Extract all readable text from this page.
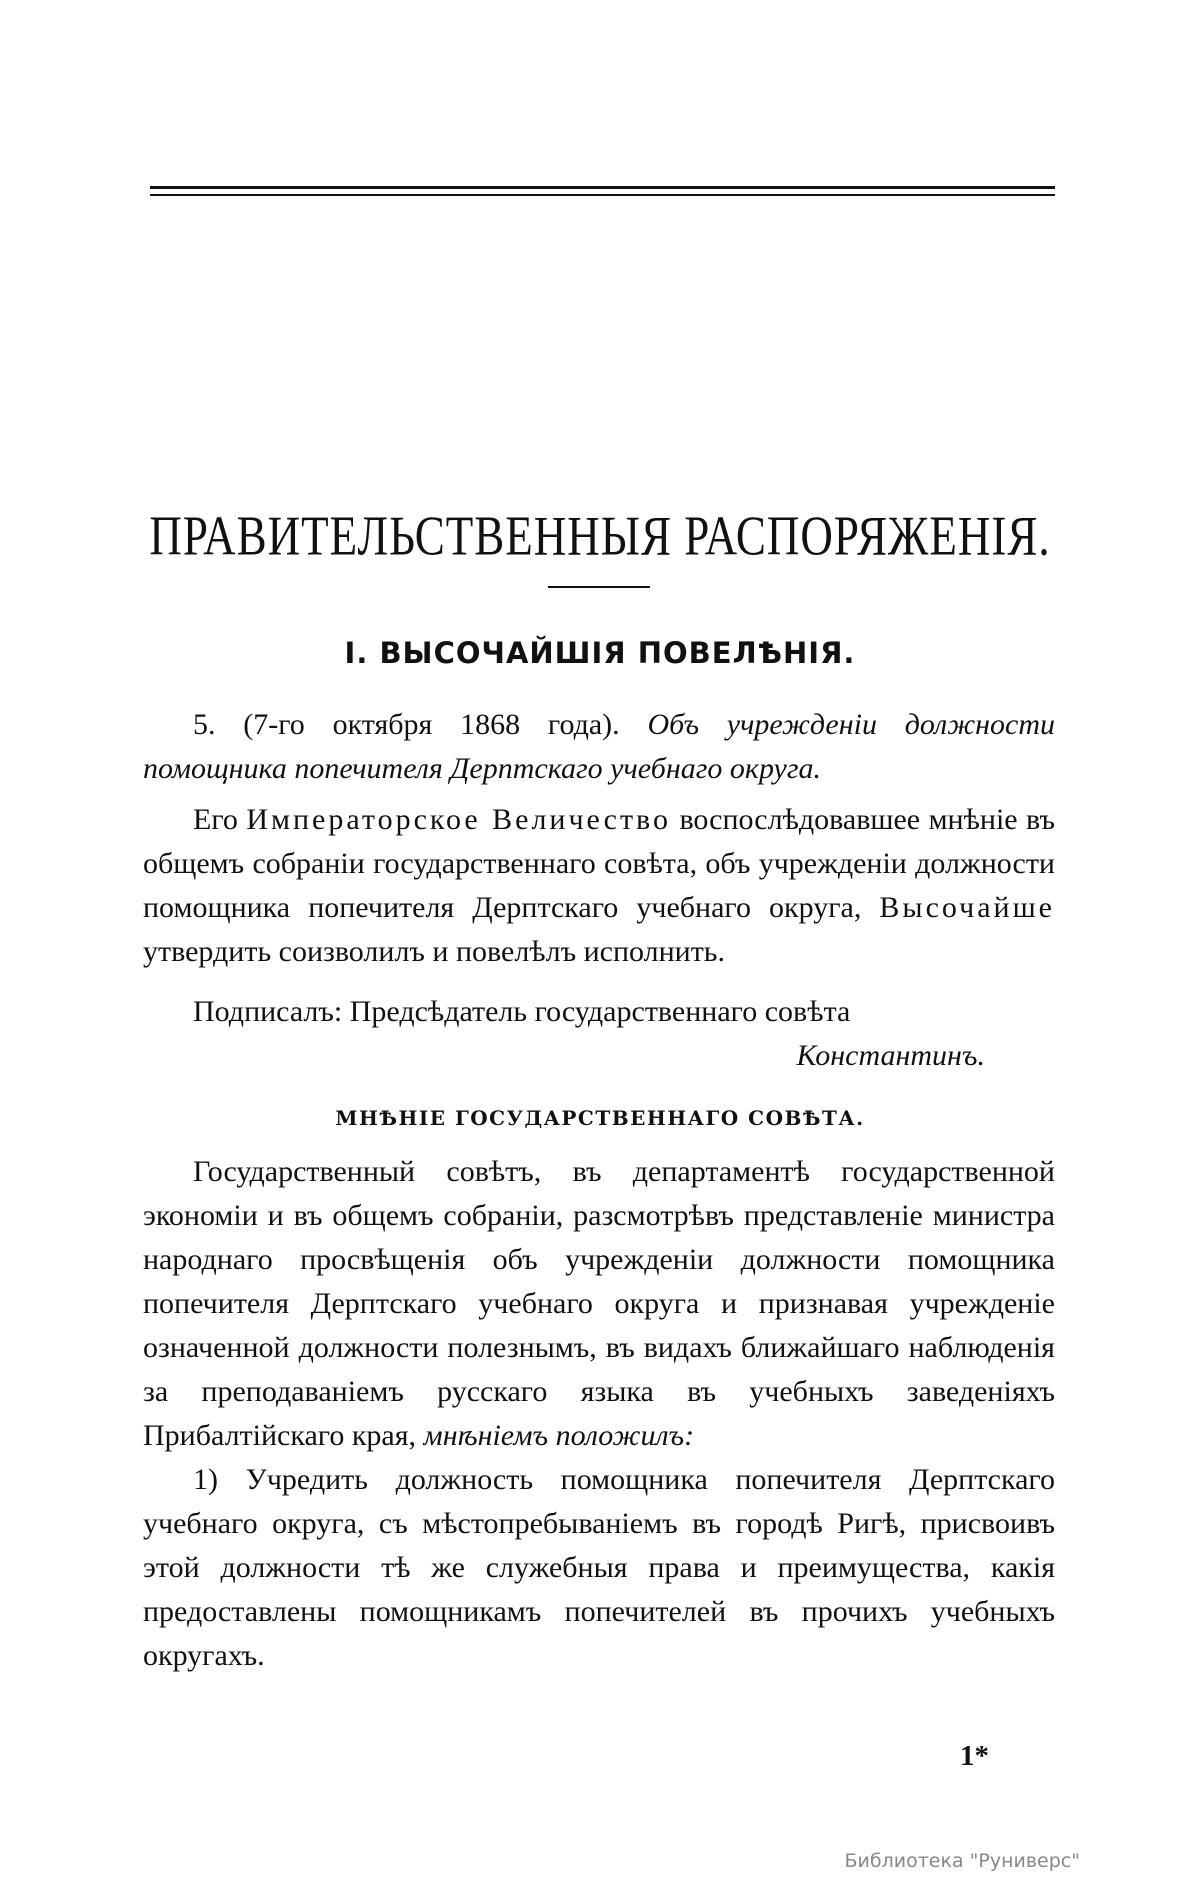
ПРАВИТЕЛЬСТВЕННЫЯ РАСПОРЯЖЕНІЯ.
I. ВЫСОЧАЙШІЯ ПОВЕЛѢНІЯ.

5. (7-го октября 1868 года). Объ учрежденіи должности помощника попечителя Дерптскаго учебнаго округа.

Его Императорское Величество воспослѣдовавшее мнѣніе въ общемъ собраніи государственнаго совѣта, объ учрежденіи должности помощника попечителя Дерптскаго учебнаго округа, Высочайше утвердить соизволилъ и повелѣлъ исполнить.

Подписалъ: Предсѣдатель государственнаго совѣта
Константинъ.
МНѢНІЕ ГОСУДАРСТВЕННАГО СОВѢТА.

Государственный совѣтъ, въ департаментѣ государственной экономіи и въ общемъ собраніи, разсмотрѣвъ представленіе министра народнаго просвѣщенія объ учрежденіи должности помощника попечителя Дерптскаго учебнаго округа и признавая учрежденіе означенной должности полезнымъ, въ видахъ ближайшаго наблюденія за преподаваніемъ русскаго языка въ учебныхъ заведеніяхъ Прибалтійскаго края, мнѣніемъ положилъ:

1) Учредить должность помощника попечителя Дерптскаго учебнаго округа, съ мѣстопребываніемъ въ городѣ Ригѣ, присвоивъ этой должности тѣ же служебныя права и преимущества, какія предоставлены помощникамъ попечителей въ прочихъ учебныхъ округахъ.

1*
Библиотека "Руниверс"
